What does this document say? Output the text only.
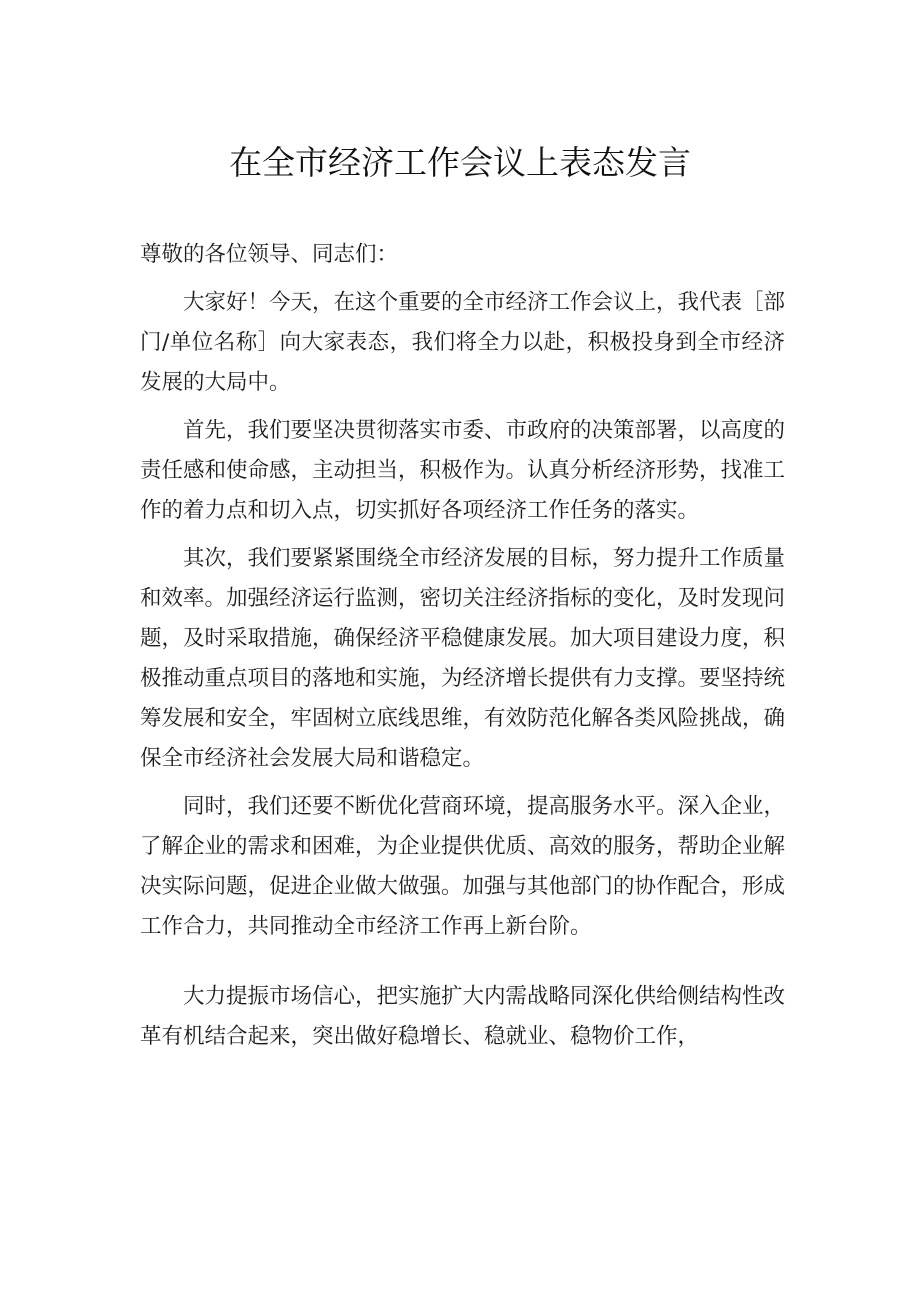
在全市经济工作会议上表态发言

尊敬的各位领导、同志们：

大家好！今天，在这个重要的全市经济工作会议上，我代表［部门/单位名称］向大家表态，我们将全力以赴，积极投身到全市经济发展的大局中。

首先，我们要坚决贯彻落实市委、市政府的决策部署，以高度的责任感和使命感，主动担当，积极作为。认真分析经济形势，找准工作的着力点和切入点，切实抓好各项经济工作任务的落实。

其次，我们要紧紧围绕全市经济发展的目标，努力提升工作质量和效率。加强经济运行监测，密切关注经济指标的变化，及时发现问题，及时采取措施，确保经济平稳健康发展。加大项目建设力度，积极推动重点项目的落地和实施，为经济增长提供有力支撑。要坚持统筹发展和安全，牢固树立底线思维，有效防范化解各类风险挑战，确保全市经济社会发展大局和谐稳定。

同时，我们还要不断优化营商环境，提高服务水平。深入企业，了解企业的需求和困难，为企业提供优质、高效的服务，帮助企业解决实际问题，促进企业做大做强。加强与其他部门的协作配合，形成工作合力，共同推动全市经济工作再上新台阶。

大力提振市场信心，把实施扩大内需战略同深化供给侧结构性改革有机结合起来，突出做好稳增长、稳就业、稳物价工作，
